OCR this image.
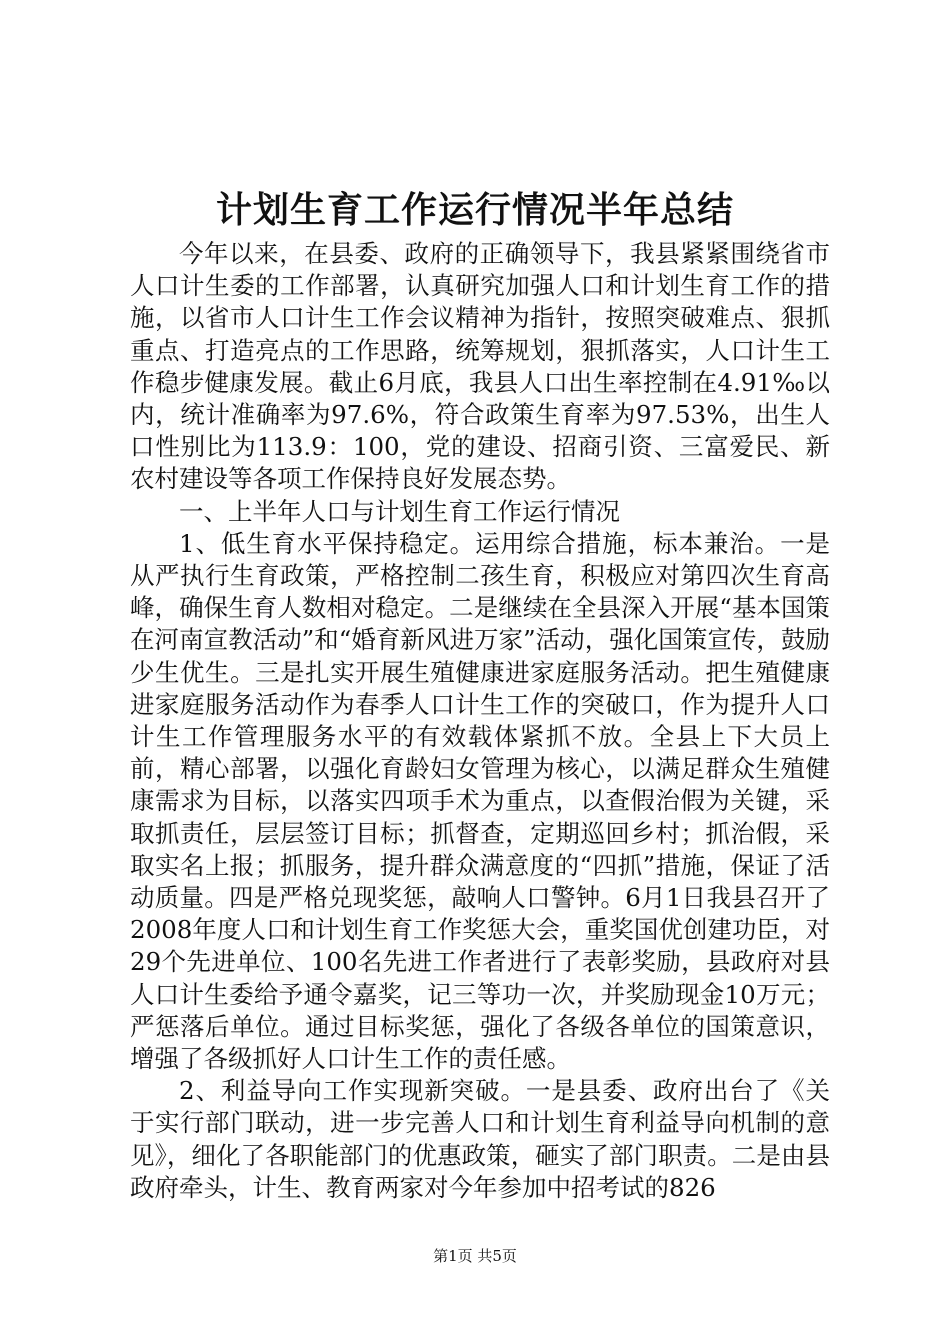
计划生育工作运行情况半年总结

今年以来，在县委、政府的正确领导下，我县紧紧围绕省市人口计生委的工作部署，认真研究加强人口和计划生育工作的措施，以省市人口计生工作会议精神为指针，按照突破难点、狠抓重点、打造亮点的工作思路，统筹规划，狠抓落实，人口计生工作稳步健康发展。截止6月底，我县人口出生率控制在4.91‰以内，统计准确率为97.6%，符合政策生育率为97.53%，出生人口性别比为113.9：100，党的建设、招商引资、三富爱民、新农村建设等各项工作保持良好发展态势。

一、上半年人口与计划生育工作运行情况

1、低生育水平保持稳定。运用综合措施，标本兼治。一是从严执行生育政策，严格控制二孩生育，积极应对第四次生育高峰，确保生育人数相对稳定。二是继续在全县深入开展“基本国策在河南宣教活动”和“婚育新风进万家”活动，强化国策宣传，鼓励少生优生。三是扎实开展生殖健康进家庭服务活动。把生殖健康进家庭服务活动作为春季人口计生工作的突破口，作为提升人口计生工作管理服务水平的有效载体紧抓不放。全县上下大员上前，精心部署，以强化育龄妇女管理为核心，以满足群众生殖健康需求为目标，以落实四项手术为重点，以查假治假为关键，采取抓责任，层层签订目标；抓督查，定期巡回乡村；抓治假，采取实名上报；抓服务，提升群众满意度的“四抓”措施，保证了活动质量。四是严格兑现奖惩，敲响人口警钟。6月1日我县召开了2008年度人口和计划生育工作奖惩大会，重奖国优创建功臣，对29个先进单位、100名先进工作者进行了表彰奖励，县政府对县人口计生委给予通令嘉奖，记三等功一次，并奖励现金10万元；严惩落后单位。通过目标奖惩，强化了各级各单位的国策意识，增强了各级抓好人口计生工作的责任感。

2、利益导向工作实现新突破。一是县委、政府出台了《关于实行部门联动，进一步完善人口和计划生育利益导向机制的意见》，细化了各职能部门的优惠政策，砸实了部门职责。二是由县政府牵头，计生、教育两家对今年参加中招考试的826

第1页 共5页
